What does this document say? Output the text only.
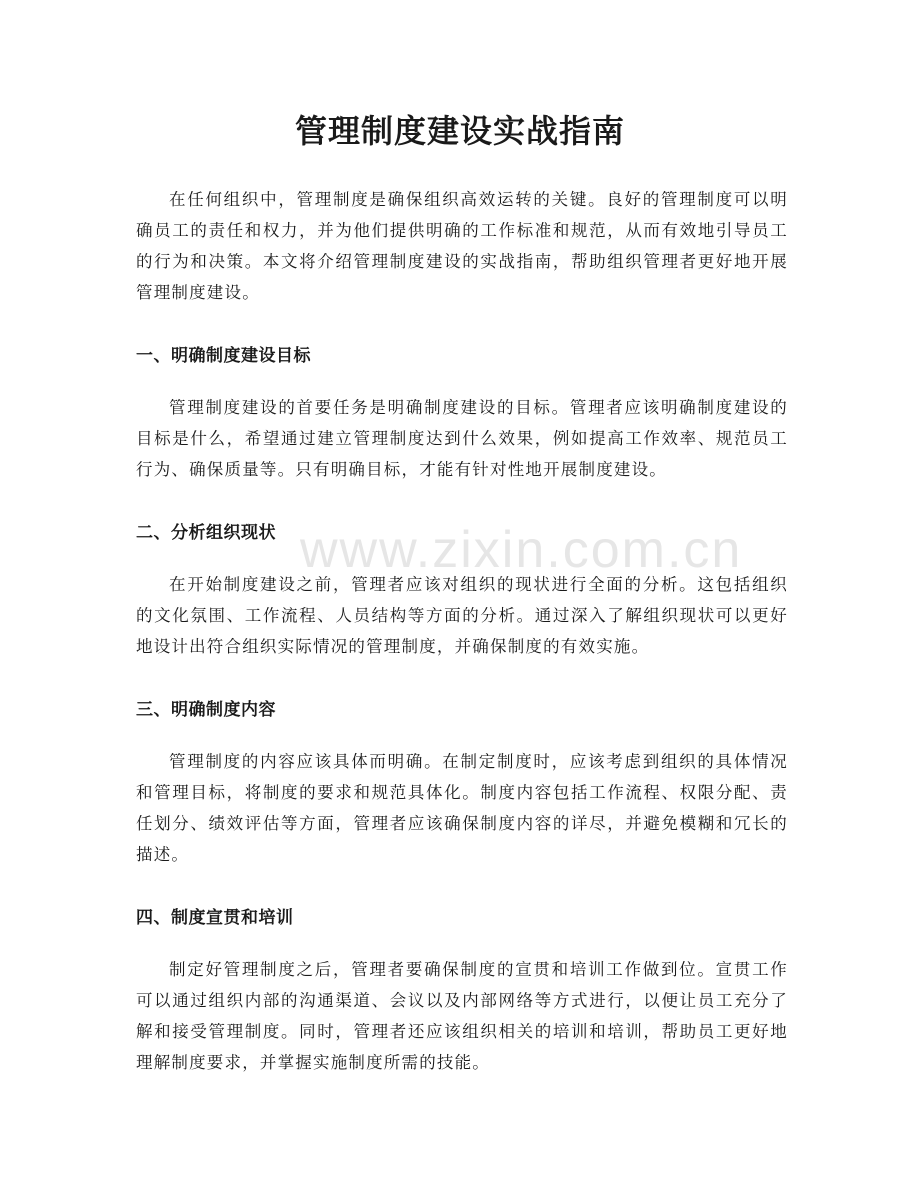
www.zixin.com.cn
管理制度建设实战指南

在任何组织中，管理制度是确保组织高效运转的关键。良好的管理制度可以明确员工的责任和权力，并为他们提供明确的工作标准和规范，从而有效地引导员工的行为和决策。本文将介绍管理制度建设的实战指南，帮助组织管理者更好地开展管理制度建设。

一、明确制度建设目标

管理制度建设的首要任务是明确制度建设的目标。管理者应该明确制度建设的目标是什么，希望通过建立管理制度达到什么效果，例如提高工作效率、规范员工行为、确保质量等。只有明确目标，才能有针对性地开展制度建设。

二、分析组织现状

在开始制度建设之前，管理者应该对组织的现状进行全面的分析。这包括组织的文化氛围、工作流程、人员结构等方面的分析。通过深入了解组织现状可以更好地设计出符合组织实际情况的管理制度，并确保制度的有效实施。

三、明确制度内容

管理制度的内容应该具体而明确。在制定制度时，应该考虑到组织的具体情况和管理目标，将制度的要求和规范具体化。制度内容包括工作流程、权限分配、责任划分、绩效评估等方面，管理者应该确保制度内容的详尽，并避免模糊和冗长的描述。

四、制度宣贯和培训

制定好管理制度之后，管理者要确保制度的宣贯和培训工作做到位。宣贯工作可以通过组织内部的沟通渠道、会议以及内部网络等方式进行，以便让员工充分了解和接受管理制度。同时，管理者还应该组织相关的培训和培训，帮助员工更好地理解制度要求，并掌握实施制度所需的技能。
